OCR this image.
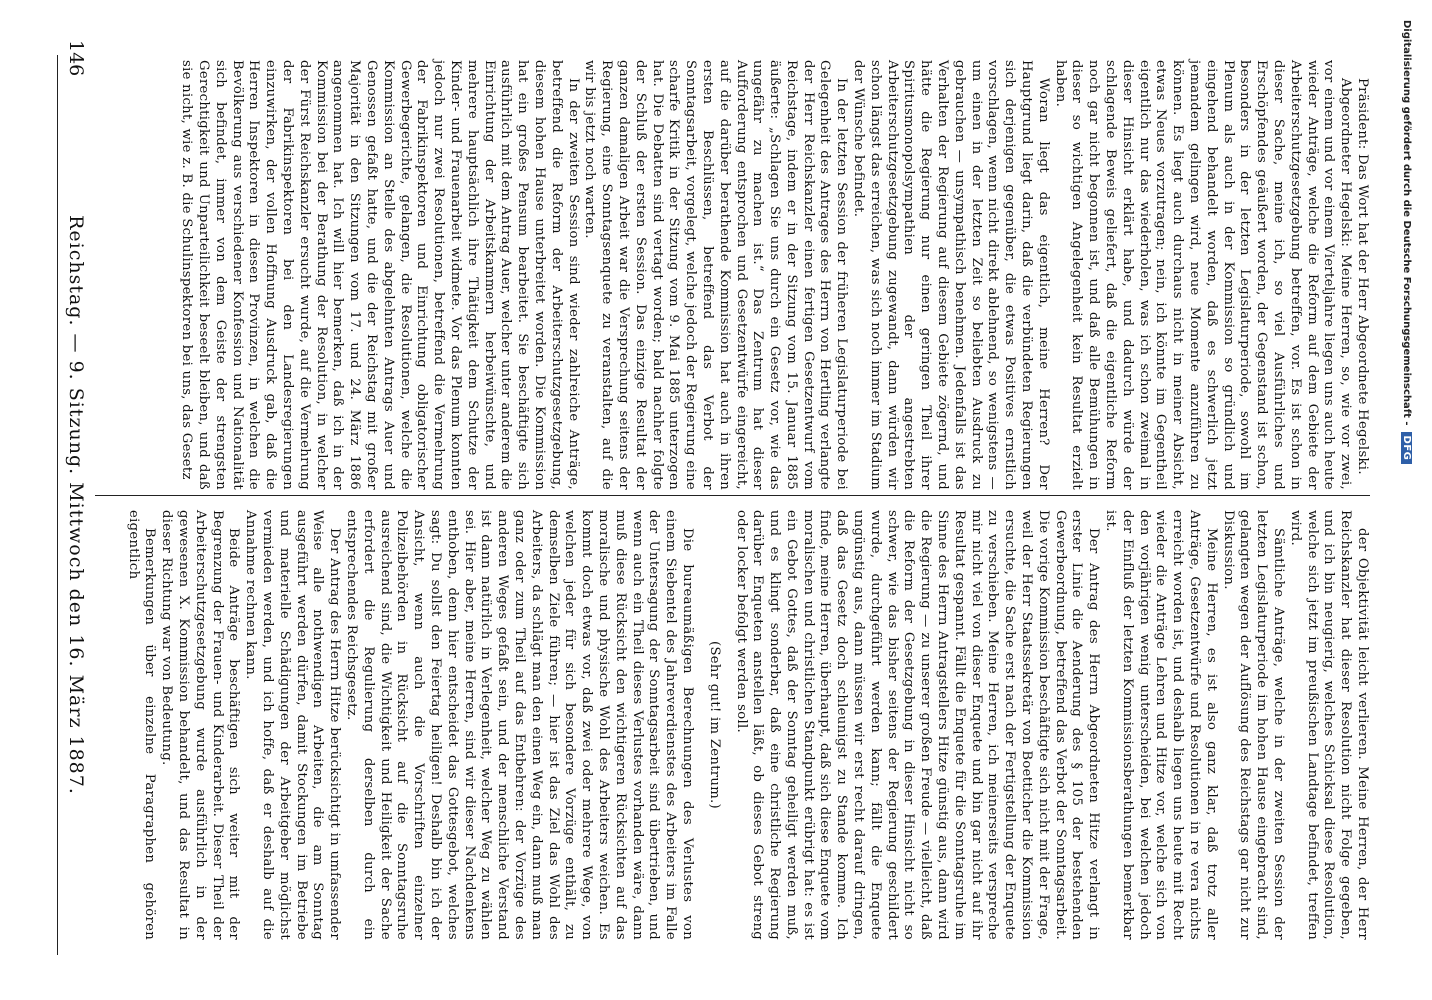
146
Reichstag. — 9. Sitzung. Mittwoch den 16. März 1887.	Präsident: Das Wort hat der Herr Abgeordnete Hegelski.

Abgeordneter Hegelski: Meine Herren, so, wie vor zwei, vor einem und vor einem Vierteljahre liegen uns auch heute wieder Anträge, welche die Reform auf dem Gebiete der Arbeiterschutzgesetzgebung betreffen, vor. Es ist schon in dieser Sache, meine ich, so viel Ausführliches und Erschöpfendes geäußert worden, der Gegenstand ist schon, besonders in der letzten Legislaturperiode, sowohl im Plenum als auch in der Kommission so gründlich und eingehend behandelt worden, daß es schwerlich jetzt jemandem gelingen wird, neue Momente anzuführen zu können. Es liegt auch durchaus nicht in meiner Absicht, etwas Neues vorzutragen; nein, ich könnte im Gegentheil eigentlich nur das wiederholen, was ich schon zweimal in dieser Hinsicht erklärt habe, und dadurch würde der schlagende Beweis geliefert, daß die eigentliche Reform noch gar nicht begonnen ist, und daß alle Bemühungen in dieser so wichtigen Angelegenheit kein Resultat erzielt haben.

Woran liegt das eigentlich, meine Herren? Der Hauptgrund liegt darin, daß die verbündeten Regierungen sich derjenigen gegenüber, die etwas Positives ernstlich vorschlagen, wenn nicht direkt ablehnend, so wenigstens — um einen in der letzten Zeit so beliebten Ausdruck zu gebrauchen — unsympathisch benehmen. Jedenfalls ist das Verhalten der Regierung auf diesem Gebiete zögernd, und hätte die Regierung nur einen geringen Theil ihrer Spiritusmonopolsympathien der angestrebten Arbeiterschutzgesetzgebung zugewandt, dann würden wir schon längst das erreichen, was sich noch immer im Stadium der Wünsche befindet.

In der letzten Session der früheren Legislaturperiode bei Gelegenheit des Antrages des Herrn von Hertling verlangte der Herr Reichskanzler einen fertigen Gesetzentwurf vom Reichstage, indem er in der Sitzung vom 15. Januar 1885 äußerte: „Schlagen Sie uns durch ein Gesetz vor, wie das ungefähr zu machen ist.“ Das Zentrum hat dieser Aufforderung entsprochen und Gesetzentwürfe eingereicht, auf die darüber berathende Kommission hat auch in ihren ersten Beschlüssen, betreffend das Verbot der Sonntagsarbeit, vorgelegt, welche jedoch der Regierung eine scharfe Kritik in der Sitzung vom 9. Mai 1885 unterzogen hat. Die Debatten sind vertagt worden; bald nachher folgte der Schluß der ersten Session. Das einzige Resultat der ganzen damaligen Arbeit war die Versprechung seitens der Regierung, eine Sonntagsenquete zu veranstalten, auf die wir bis jetzt noch warten.

In der zweiten Session sind wieder zahlreiche Anträge, betreffend die Reform der Arbeiterschutzgesetzgebung, diesem hohen Hause unterbreitet worden. Die Kommission hat ein großes Pensum bearbeitet. Sie beschäftigte sich ausführlich mit dem Antrag Auer, welcher unter anderem die Einrichtung der Arbeitskammern herbeiwünschte, und mehrere hauptsächlich ihre Thätigkeit dem Schutze der Kinder- und Frauenarbeit widmete. Vor das Plenum konnten jedoch nur zwei Resolutionen, betreffend die Vermehrung der Fabrikinspektoren und Einrichtung obligatorischer Gewerbegerichte, gelangen, die Resolutionen, welche die Kommission an Stelle des abgelehnten Antrags Auer und Genossen gefaßt hatte, und die der Reichstag mit großer Majorität in den Sitzungen vom 17. und 24. März 1886 angenommen hat. Ich will hier bemerken, daß ich in der Kommission bei der Berathung der Resolution, in welcher der Fürst Reichskanzler ersucht wurde, auf die Vermehrung der Fabrikinspektoren bei den Landesregierungen einzuwirken, der vollen Hoffnung Ausdruck gab, daß die Herren Inspektoren in diesen Provinzen, in welchen die Bevölkerung aus verschiedener Konfession und Nationalität sich befindet, immer von dem Geiste der strengsten Gerechtigkeit und Unparteilichkeit beseelt bleiben, und daß sie nicht, wie z. B. die Schulinspektoren bei uns, das Gesetz

der Objektivität leicht verlieren. Meine Herren, der Herr Reichskanzler hat dieser Resolution nicht Folge gegeben, und ich bin neugierig, welches Schicksal diese Resolution, welche sich jetzt im preußischen Landtage befindet, treffen wird.

Sämtliche Anträge, welche in der zweiten Session der letzten Legislaturperiode im hohen Hause eingebracht sind, gelangten wegen der Auflösung des Reichstags gar nicht zur Diskussion.

Meine Herren, es ist also ganz klar, daß trotz aller Anträge, Gesetzentwürfe und Resolutionen in re vera nichts erreicht worden ist, und deshalb liegen uns heute mit Recht wieder die Anträge Lehren und Hitze vor, welche sich von den vorjährigen wenig unterscheiden, bei welchen jedoch der Einfluß der letzten Kommissionsberathungen bemerkbar ist.

Der Antrag des Herrn Abgeordneten Hitze verlangt in erster Linie die Aenderung des § 105 der bestehenden Gewerbeordnung, betreffend das Verbot der Sonntagsarbeit. Die vorige Kommission beschäftigte sich nicht mit der Frage, weil der Herr Staatssekretär von Boetticher die Kommission ersuchte, die Sache erst nach der Fertigstellung der Enquete zu verschieben. Meine Herren, ich meinerseits verspreche mir nicht viel von dieser Enquete und bin gar nicht auf ihr Resultat gespannt. Fällt die Enquete für die Sonntagsruhe im Sinne des Herrn Antragstellers Hitze günstig aus, dann wird die Regierung — zu unserer großen Freude — vielleicht, daß die Reform der Gesetzgebung in dieser Hinsicht nicht so schwer, wie das bisher seitens der Regierung geschildert wurde, durchgeführt werden kann; fällt die Enquete ungünstig aus, dann müssen wir erst recht darauf dringen, daß das Gesetz doch schleunigst zu Stande komme. Ich finde, meine Herren, überhaupt, daß sich diese Enquete vom moralischen und christlichen Standpunkt erübrigt hat: es ist ein Gebot Gottes, daß der Sonntag geheiligt werden muß, und es klingt sonderbar, daß eine christliche Regierung darüber Enqueten anstellen läßt, ob dieses Gebot streng oder locker befolgt werden soll.

(Sehr gut! im Zentrum.)

Die bureaumäßigen Berechnungen des Verlustes von einem Siebentel des Jahreverdienstes des Arbeiters im Falle der Untersagung der Sonntagsarbeit sind übertrieben, und wenn auch ein Theil dieses Verlustes vorhanden wäre, dann muß diese Rücksicht den wichtigeren Rücksichten auf das moralische und physische Wohl des Arbeiters weichen. Es kommt doch etwas vor, daß zwei oder mehrere Wege, von welchen jeder für sich besondere Vorzüge enthält, zu demselben Ziele führen; — hier ist das Ziel das Wohl des Arbeiters, da schlägt man den einen Weg ein, dann muß man ganz oder zum Theil auf das Entbehren: der Vorzüge des anderen Weges gefaßt sein, und der menschliche Verstand ist dann natürlich in Verlegenheit, welcher Weg zu wählen sei. Hier aber, meine Herren, sind wir dieser Nachdenkens enthoben, denn hier entscheidet das Gottesgebot, welches sagt: Du sollst den Feiertag heiligen! Deshalb bin ich der Ansicht, wenn auch die Vorschriften einzelner Polizeibehörden in Rücksicht auf die Sonntagsruhe ausreichend sind, die Wichtigkeit und Heiligkeit der Sache erfordert die Regulierung derselben durch ein entsprechendes Reichsgesetz.

Der Antrag des Herrn Hitze berücksichtigt in umfassender Weise alle nothwendigen Arbeiten, die am Sonntag ausgeführt werden dürfen, damit Stockungen im Betriebe und materielle Schädigungen der Arbeitgeber möglichst vermieden werden, und ich hoffe, daß er deshalb auf die Annahme rechnen kann.

Beide Anträge beschäftigen sich weiter mit der Begrenzung der Frauen- und Kinderarbeit. Dieser Theil der Arbeiterschutzgesetzgebung wurde ausführlich in der gewesenen X. Kommission behandelt, und das Resultat in dieser Richtung war von Bedeutung.

Bemerkungen über einzelne Paragraphen gehören eigentlich

Digitalisierung gefördert durch die Deutsche Forschungsgemeinschaft -DFG
